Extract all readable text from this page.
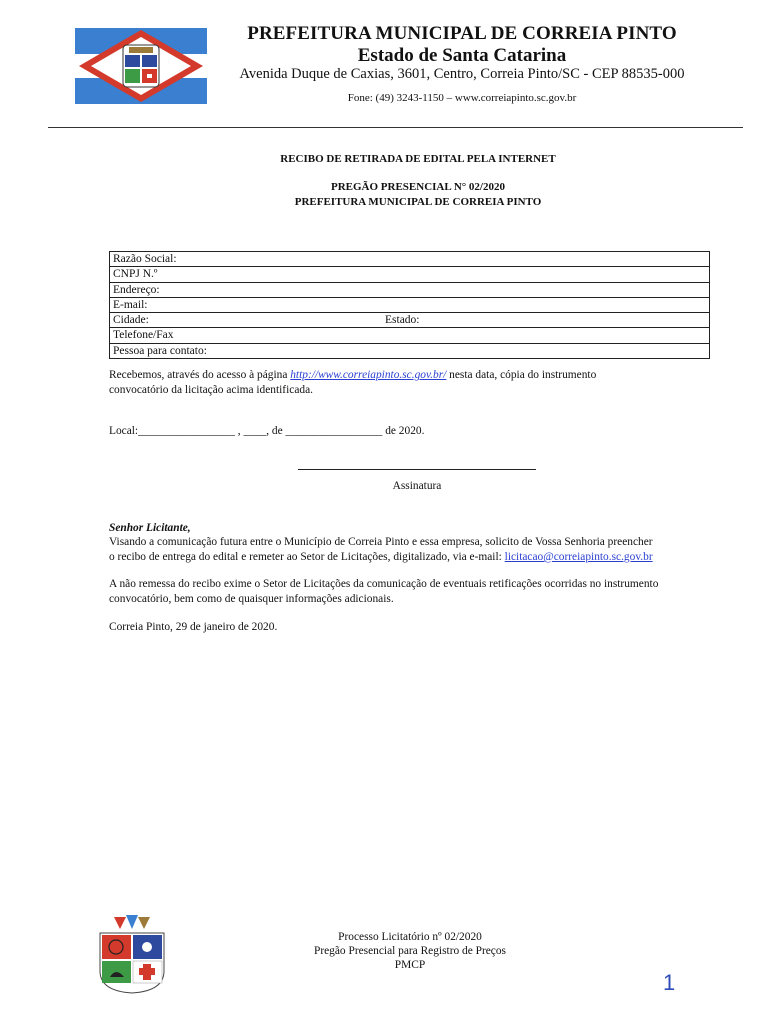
PREFEITURA MUNICIPAL DE CORREIA PINTO
Estado de Santa Catarina
Avenida Duque de Caxias, 3601, Centro, Correia Pinto/SC - CEP 88535-000
Fone: (49) 3243-1150 – www.correiapinto.sc.gov.br
RECIBO DE RETIRADA DE EDITAL PELA INTERNET
PREGÃO PRESENCIAL N° 02/2020
PREFEITURA MUNICIPAL DE CORREIA PINTO
Razão Social:
CNPJ N.º
Endereço:
E-mail:
Cidade:	Estado:
Telefone/Fax
Pessoa para contato:
Recebemos, através do acesso à página http://www.correiapinto.sc.gov.br/ nesta data, cópia do instrumento
convocatório da licitação acima identificada.
Local:_________________ , ____, de _________________ de 2020.
Assinatura
Senhor Licitante,
Visando a comunicação futura entre o Município de Correia Pinto e essa empresa, solicito de Vossa Senhoria preencher
o recibo de entrega do edital e remeter ao Setor de Licitações, digitalizado, via e-mail: licitacao@correiapinto.sc.gov.br
A não remessa do recibo exime o Setor de Licitações da comunicação de eventuais retificações ocorridas no instrumento
convocatório, bem como de quaisquer informações adicionais.
Correia Pinto, 29 de janeiro de 2020.
Processo Licitatório nº 02/2020
Pregão Presencial para Registro de Preços
PMCP
1
